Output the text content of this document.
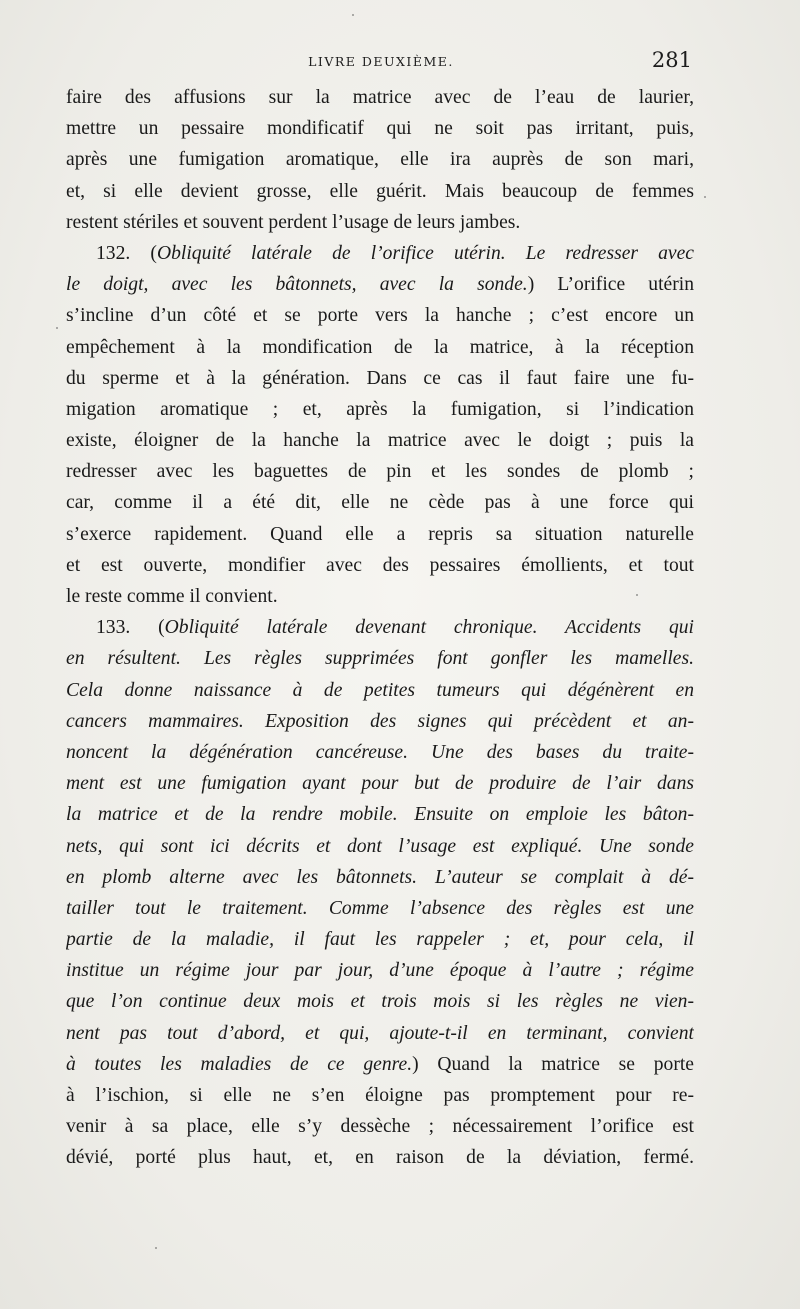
LIVRE DEUXIÈME.	281
faire des affusions sur la matrice avec de l’eau de laurier,
mettre un pessaire mondificatif qui ne soit pas irritant, puis,
après une fumigation aromatique, elle ira auprès de son mari,
et, si elle devient grosse, elle guérit. Mais beaucoup de femmes
restent stériles et souvent perdent l’usage de leurs jambes.
132. (Obliquité latérale de l’orifice utérin. Le redresser avec
le doigt, avec les bâtonnets, avec la sonde.) L’orifice utérin
s’incline d’un côté et se porte vers la hanche ; c’est encore un
empêchement à la mondification de la matrice, à la réception
du sperme et à la génération. Dans ce cas il faut faire une fu-
migation aromatique ; et, après la fumigation, si l’indication
existe, éloigner de la hanche la matrice avec le doigt ; puis la
redresser avec les baguettes de pin et les sondes de plomb ;
car, comme il a été dit, elle ne cède pas à une force qui
s’exerce rapidement. Quand elle a repris sa situation naturelle
et est ouverte, mondifier avec des pessaires émollients, et tout
le reste comme il convient.
133. (Obliquité latérale devenant chronique. Accidents qui
en résultent. Les règles supprimées font gonfler les mamelles.
Cela donne naissance à de petites tumeurs qui dégénèrent en
cancers mammaires. Exposition des signes qui précèdent et an-
noncent la dégénération cancéreuse. Une des bases du traite-
ment est une fumigation ayant pour but de produire de l’air dans
la matrice et de la rendre mobile. Ensuite on emploie les bâton-
nets, qui sont ici décrits et dont l’usage est expliqué. Une sonde
en plomb alterne avec les bâtonnets. L’auteur se complait à dé-
tailler tout le traitement. Comme l’absence des règles est une
partie de la maladie, il faut les rappeler ; et, pour cela, il
institue un régime jour par jour, d’une époque à l’autre ; régime
que l’on continue deux mois et trois mois si les règles ne vien-
nent pas tout d’abord, et qui, ajoute-t-il en terminant, convient
à toutes les maladies de ce genre.) Quand la matrice se porte
à l’ischion, si elle ne s’en éloigne pas promptement pour re-
venir à sa place, elle s’y dessèche ; nécessairement l’orifice est
dévié, porté plus haut, et, en raison de la déviation, fermé.
